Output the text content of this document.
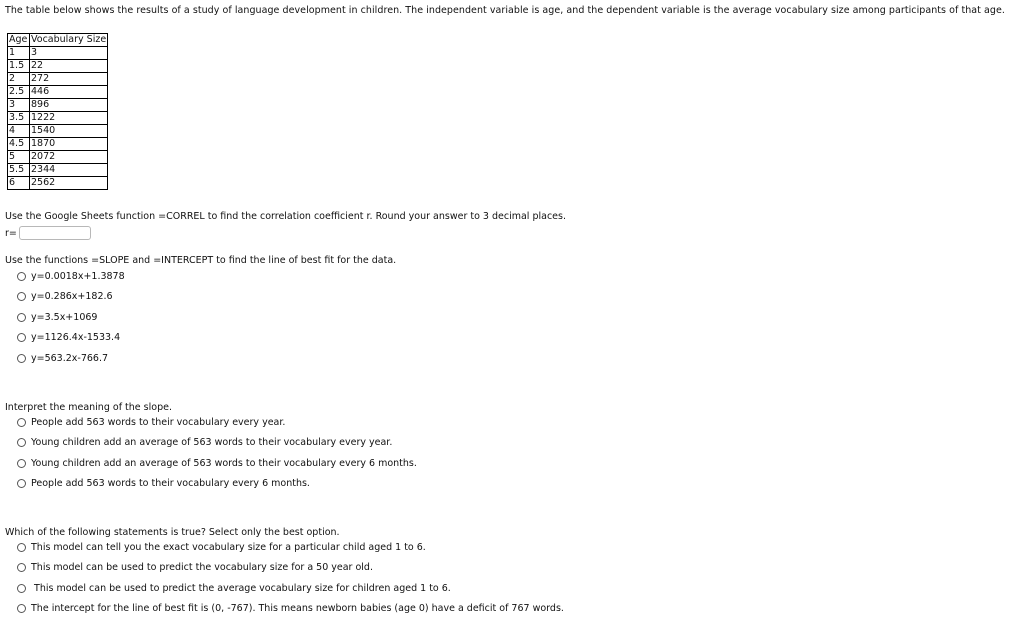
The table below shows the results of a study of language development in children. The independent variable is age, and the dependent variable is the average vocabulary size among participants of that age.
Age	Vocabulary Size
1	3
1.5	22
2	272
2.5	446
3	896
3.5	1222
4	1540
4.5	1870
5	2072
5.5	2344
6	2562
Use the Google Sheets function =CORREL to find the correlation coefficient r. Round your answer to 3 decimal places.
r=
Use the functions =SLOPE and =INTERCEPT to find the line of best fit for the data.
y=0.0018x+1.3878
y=0.286x+182.6
y=3.5x+1069
y=1126.4x-1533.4
y=563.2x-766.7
Interpret the meaning of the slope.
People add 563 words to their vocabulary every year.
Young children add an average of 563 words to their vocabulary every year.
Young children add an average of 563 words to their vocabulary every 6 months.
People add 563 words to their vocabulary every 6 months.
Which of the following statements is true? Select only the best option.
This model can tell you the exact vocabulary size for a particular child aged 1 to 6.
This model can be used to predict the vocabulary size for a 50 year old.
This model can be used to predict the average vocabulary size for children aged 1 to 6.
The intercept for the line of best fit is (0, -767). This means newborn babies (age 0) have a deficit of 767 words.
